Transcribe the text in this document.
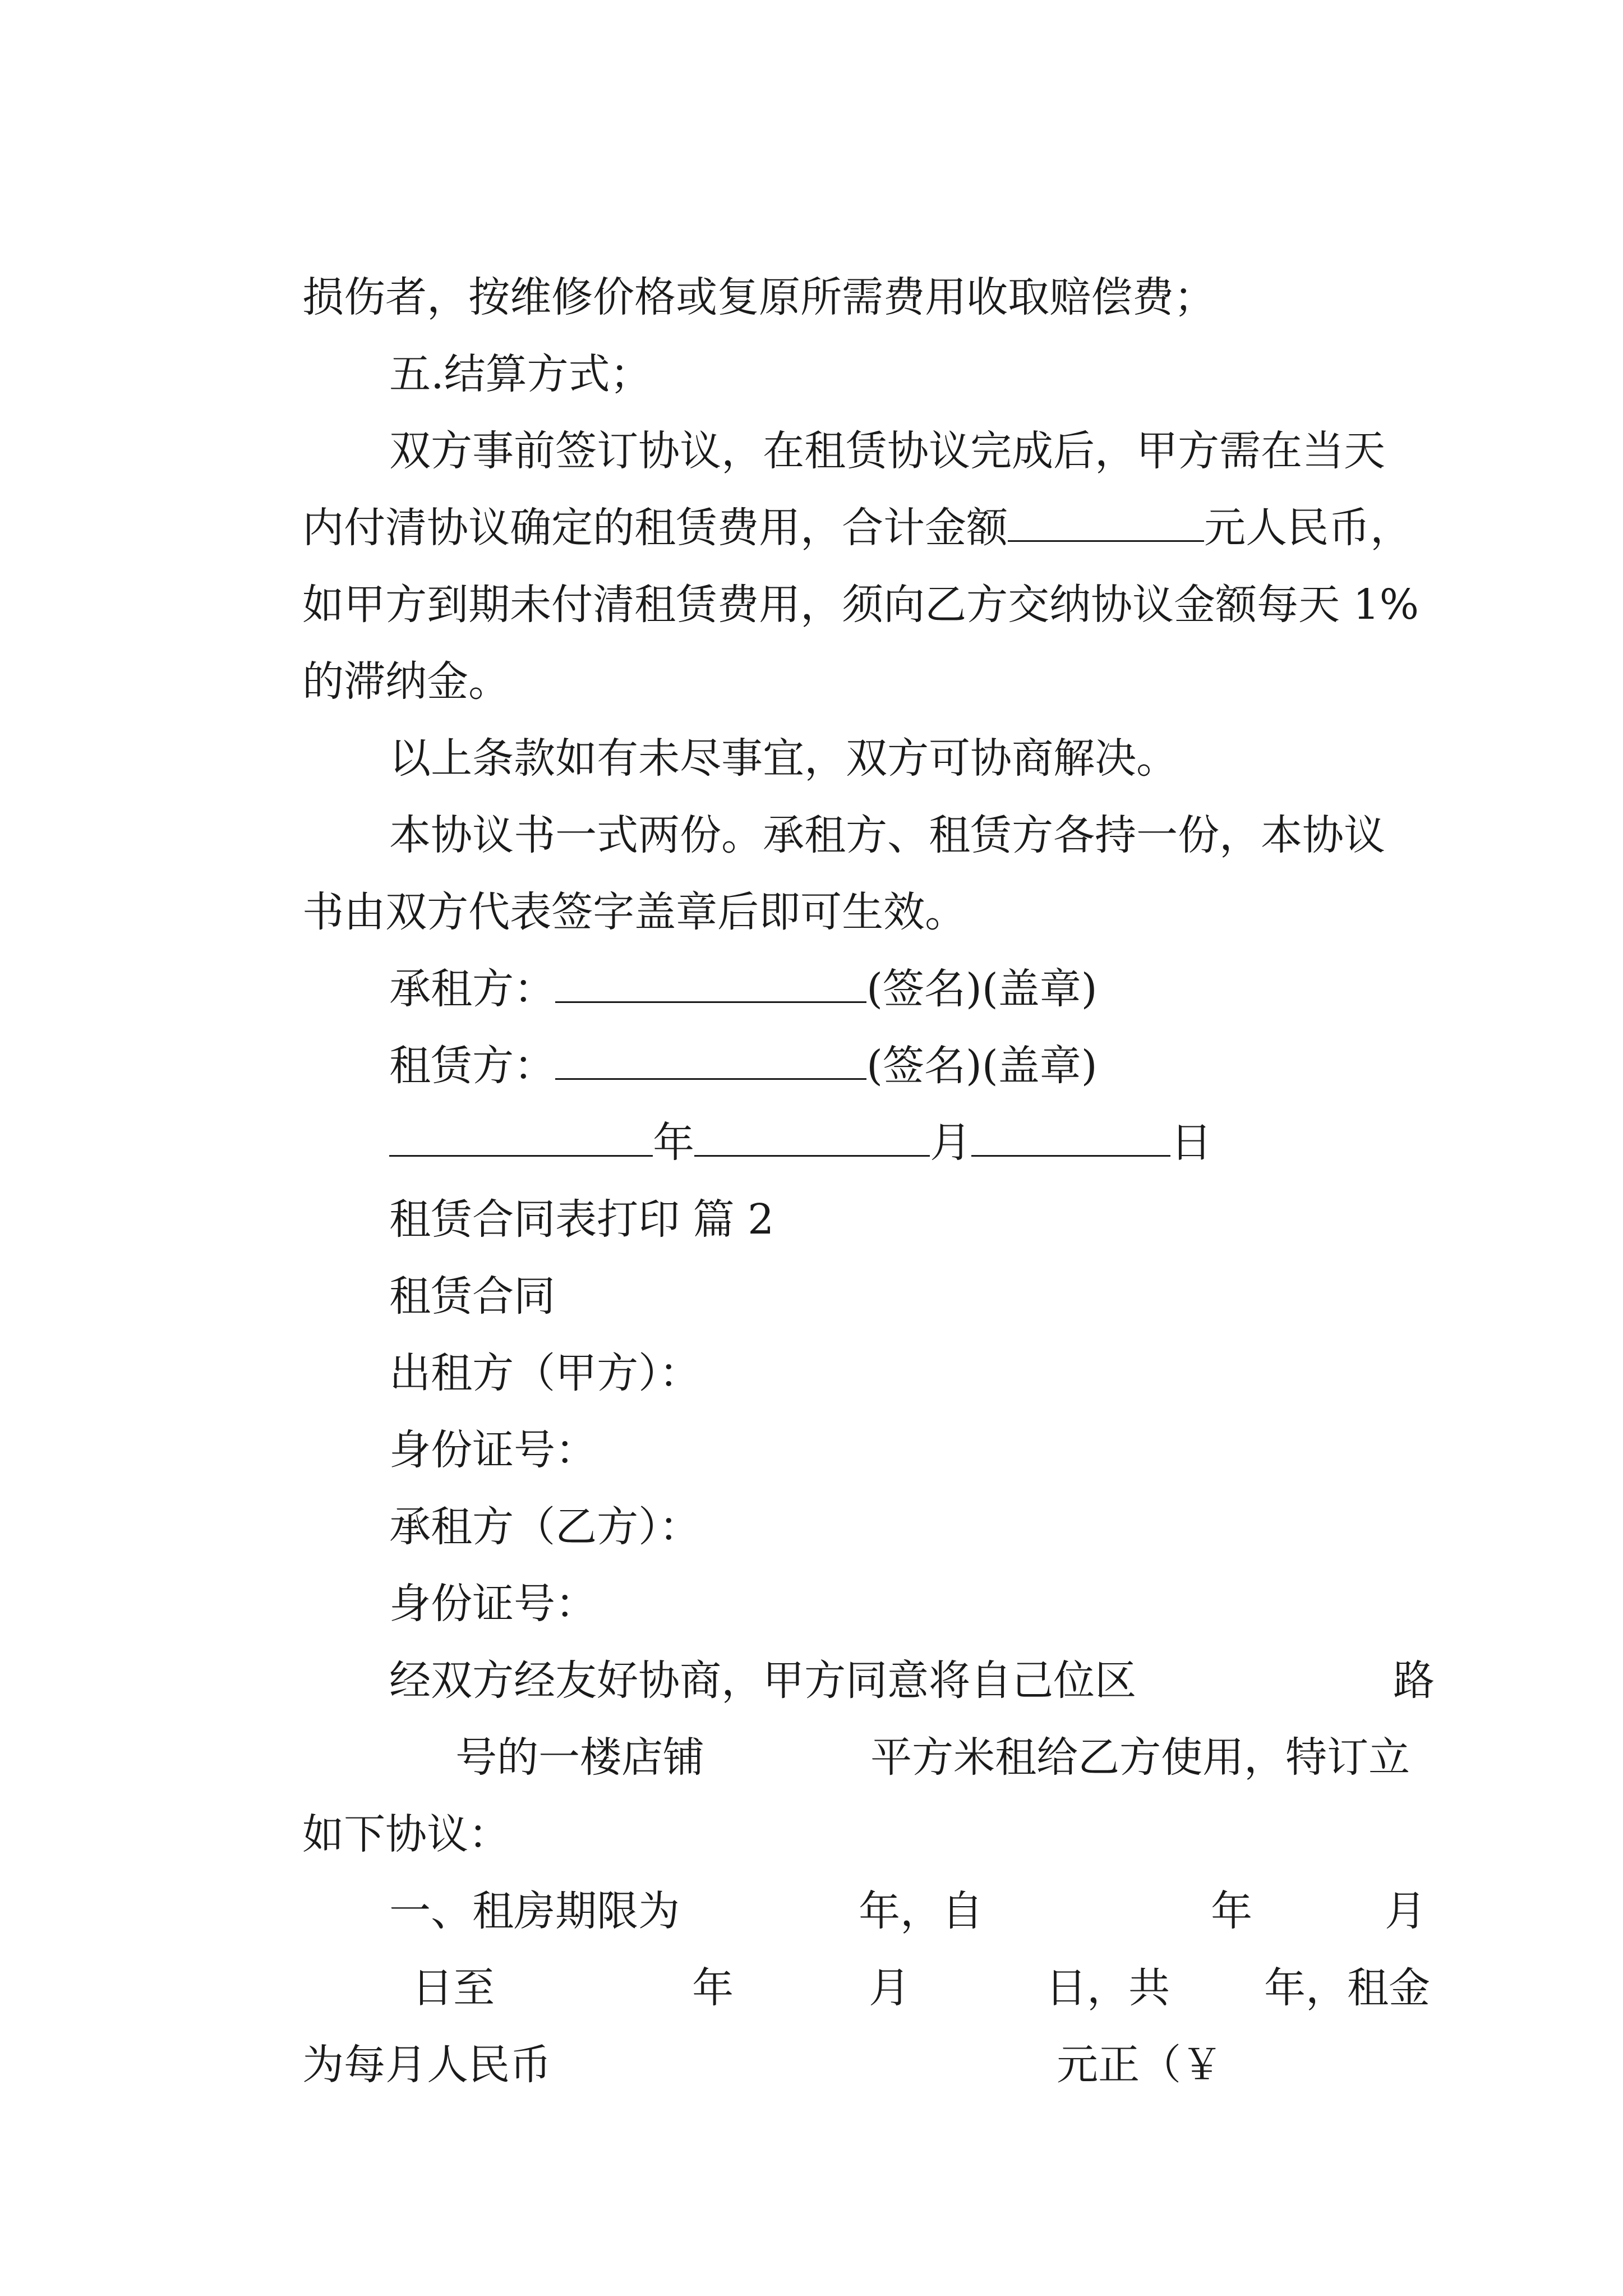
损伤者，按维修价格或复原所需费用收取赔偿费；

五.结算方式；

双方事前签订协议，在租赁协议完成后，甲方需在当天

内付清协议确定的租赁费用，合计金额	元人民币，

如甲方到期未付清租赁费用，须向乙方交纳协议金额每天 1%

的滞纳金。

以上条款如有未尽事宜，双方可协商解决。

本协议书一式两份。承租方、租赁方各持一份，本协议

书由双方代表签字盖章后即可生效。

承租方：	(签名)(盖章)

租赁方：	(签名)(盖章)

年	月	日

租赁合同表打印 篇 2

租赁合同

出租方（甲方）：

身份证号：

承租方（乙方）：

身份证号：

经双方经友好协商，甲方同意将自己位区
	路

号的一楼店铺
	平方米租给乙方使用，特订立

如下协议：

一、租房期限为
	年，自
	年
	月

日至
	年
	月
	日，共
	年，租金

为每月人民币
	元正（￥
